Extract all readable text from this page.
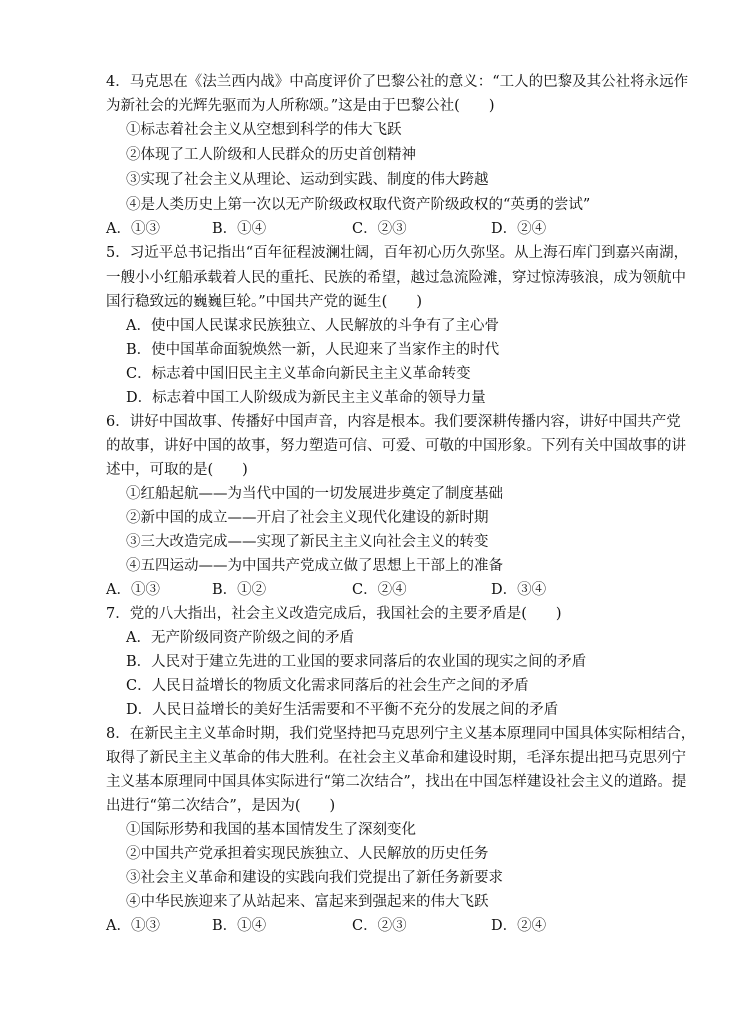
4．马克思在《法兰西内战》中高度评价了巴黎公社的意义：“工人的巴黎及其公社将永远作
为新社会的光辉先驱而为人所称颂。”这是由于巴黎公社(　　)
①标志着社会主义从空想到科学的伟大飞跃
②体现了工人阶级和人民群众的历史首创精神
③实现了社会主义从理论、运动到实践、制度的伟大跨越
④是人类历史上第一次以无产阶级政权取代资产阶级政权的“英勇的尝试”
A．①③	B．①④	C．②③	D．②④
5．习近平总书记指出“百年征程波澜壮阔，百年初心历久弥坚。从上海石库门到嘉兴南湖，
一艘小小红船承载着人民的重托、民族的希望，越过急流险滩，穿过惊涛骇浪，成为领航中
国行稳致远的巍巍巨轮。”中国共产党的诞生(　　)
A．使中国人民谋求民族独立、人民解放的斗争有了主心骨
B．使中国革命面貌焕然一新，人民迎来了当家作主的时代
C．标志着中国旧民主主义革命向新民主主义革命转变
D．标志着中国工人阶级成为新民主主义革命的领导力量
6．讲好中国故事、传播好中国声音，内容是根本。我们要深耕传播内容，讲好中国共产党
的故事，讲好中国的故事，努力塑造可信、可爱、可敬的中国形象。下列有关中国故事的讲
述中，可取的是(　　)
①红船起航——为当代中国的一切发展进步奠定了制度基础
②新中国的成立——开启了社会主义现代化建设的新时期
③三大改造完成——实现了新民主主义向社会主义的转变
④五四运动——为中国共产党成立做了思想上干部上的准备
A．①③	B．①②	C．②④	D．③④
7．党的八大指出，社会主义改造完成后，我国社会的主要矛盾是(　　)
A．无产阶级同资产阶级之间的矛盾
B．人民对于建立先进的工业国的要求同落后的农业国的现实之间的矛盾
C．人民日益增长的物质文化需求同落后的社会生产之间的矛盾
D．人民日益增长的美好生活需要和不平衡不充分的发展之间的矛盾
8．在新民主主义革命时期，我们党坚持把马克思列宁主义基本原理同中国具体实际相结合，
取得了新民主主义革命的伟大胜利。在社会主义革命和建设时期，毛泽东提出把马克思列宁
主义基本原理同中国具体实际进行“第二次结合”，找出在中国怎样建设社会主义的道路。提
出进行“第二次结合”，是因为(　　)
①国际形势和我国的基本国情发生了深刻变化
②中国共产党承担着实现民族独立、人民解放的历史任务
③社会主义革命和建设的实践向我们党提出了新任务新要求
④中华民族迎来了从站起来、富起来到强起来的伟大飞跃
A．①③	B．①④	C．②③	D．②④
